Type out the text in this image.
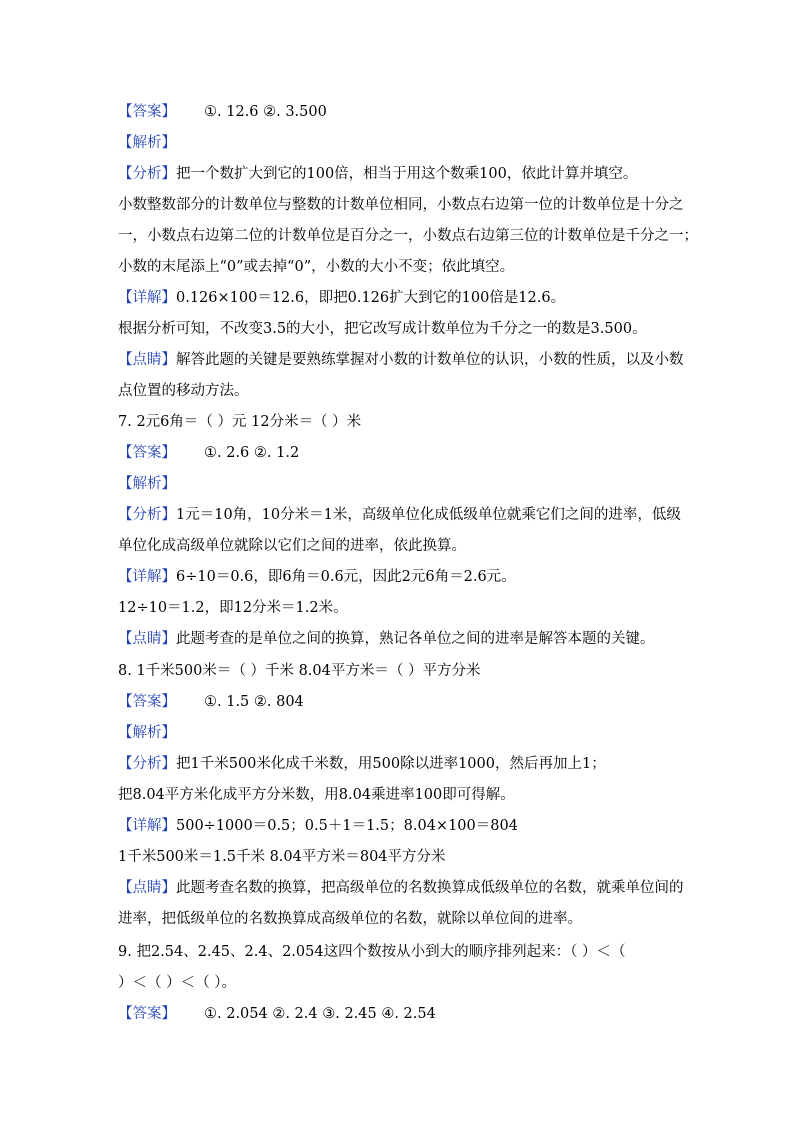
【答案】 ①. 12.6 ②. 3.500
【解析】
【分析】把一个数扩大到它的100倍，相当于用这个数乘100，依此计算并填空。
小数整数部分的计数单位与整数的计数单位相同，小数点右边第一位的计数单位是十分之
一，小数点右边第二位的计数单位是百分之一，小数点右边第三位的计数单位是千分之一；
小数的末尾添上“0”或去掉“0”，小数的大小不变；依此填空。
【详解】0.126×100＝12.6，即把0.126扩大到它的100倍是12.6。
根据分析可知，不改变3.5的大小，把它改写成计数单位为千分之一的数是3.500。
【点睛】解答此题的关键是要熟练掌握对小数的计数单位的认识，小数的性质，以及小数
点位置的移动方法。
7. 2元6角＝（ ）元 12分米＝（ ）米
【答案】 ①. 2.6 ②. 1.2
【解析】
【分析】1元＝10角，10分米＝1米，高级单位化成低级单位就乘它们之间的进率，低级
单位化成高级单位就除以它们之间的进率，依此换算。
【详解】6÷10＝0.6，即6角＝0.6元，因此2元6角＝2.6元。
12÷10＝1.2，即12分米＝1.2米。
【点睛】此题考查的是单位之间的换算，熟记各单位之间的进率是解答本题的关键。
8. 1千米500米＝（ ）千米 8.04平方米＝（ ）平方分米
【答案】 ①. 1.5 ②. 804
【解析】
【分析】把1千米500米化成千米数，用500除以进率1000，然后再加上1；
把8.04平方米化成平方分米数，用8.04乘进率100即可得解。
【详解】500÷1000＝0.5；0.5＋1＝1.5；8.04×100＝804
1千米500米＝1.5千米 8.04平方米＝804平方分米
【点睛】此题考查名数的换算，把高级单位的名数换算成低级单位的名数，就乘单位间的
进率，把低级单位的名数换算成高级单位的名数，就除以单位间的进率。
9. 把2.54、2.45、2.4、2.054这四个数按从小到大的顺序排列起来：（ ）＜（
）＜（ ）＜（ ）。
【答案】 ①. 2.054 ②. 2.4 ③. 2.45 ④. 2.54
